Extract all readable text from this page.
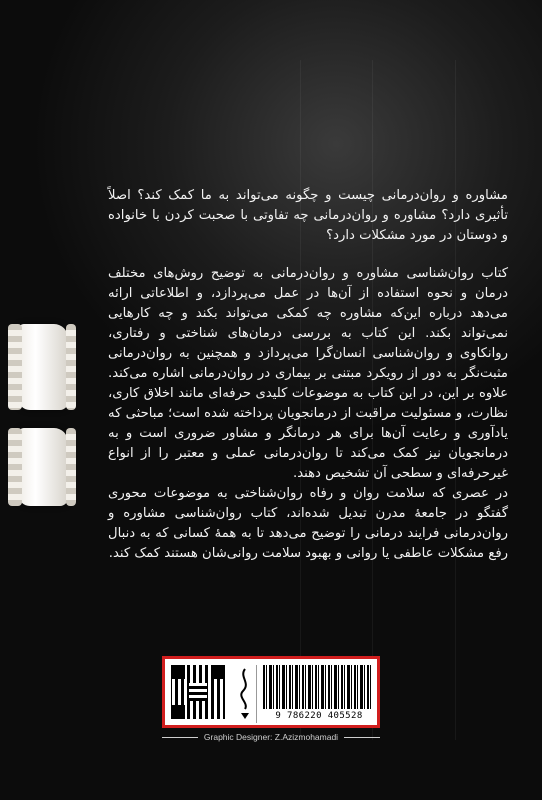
مشاوره و روان‌درمانی چیست و چگونه می‌تواند به ما کمک کند؟ اصلاً تأثیری دارد؟ مشاوره و روان‌درمانی چه تفاوتی با صحبت کردن با خانواده و دوستان در مورد مشکلات دارد؟

کتاب روان‌شناسی مشاوره و روان‌درمانی به توضیح روش‌های مختلف درمان و نحوه استفاده از آن‌ها در عمل می‌پردازد، و اطلاعاتی ارائه می‌دهد درباره این‌که مشاوره چه کمکی می‌تواند بکند و چه کارهایی نمی‌تواند بکند. این کتاب به بررسی درمان‌های شناختی و رفتاری، روانکاوی و روان‌شناسی انسان‌گرا می‌پردازد و همچنین به روان‌درمانی مثبت‌نگر به دور از رویکرد مبتنی بر بیماری در روان‌درمانی اشاره می‌کند. علاوه بر این، در این کتاب به موضوعات کلیدی حرفه‌ای مانند اخلاق کاری، نظارت، و مسئولیت مراقبت از درمانجویان پرداخته شده است؛ مباحثی که یادآوری و رعایت آن‌ها برای هر درمانگر و مشاور ضروری است و به درمانجویان نیز کمک می‌کند تا روان‌درمانی عملی و معتبر را از انواع غیرحرفه‌ای و سطحی آن تشخیص دهند.

در عصری که سلامت روان و رفاه روان‌شناختی به موضوعات محوری گفتگو در جامعهٔ مدرن تبدیل شده‌اند، کتاب روان‌شناسی مشاوره و روان‌درمانی فرایند درمانی را توضیح می‌دهد تا به همهٔ کسانی که به دنبال رفع مشکلات عاطفی یا روانی و بهبود سلامت روانی‌شان هستند کمک کند.

9 786220 405528
Graphic Designer: Z.Azizmohamadi
